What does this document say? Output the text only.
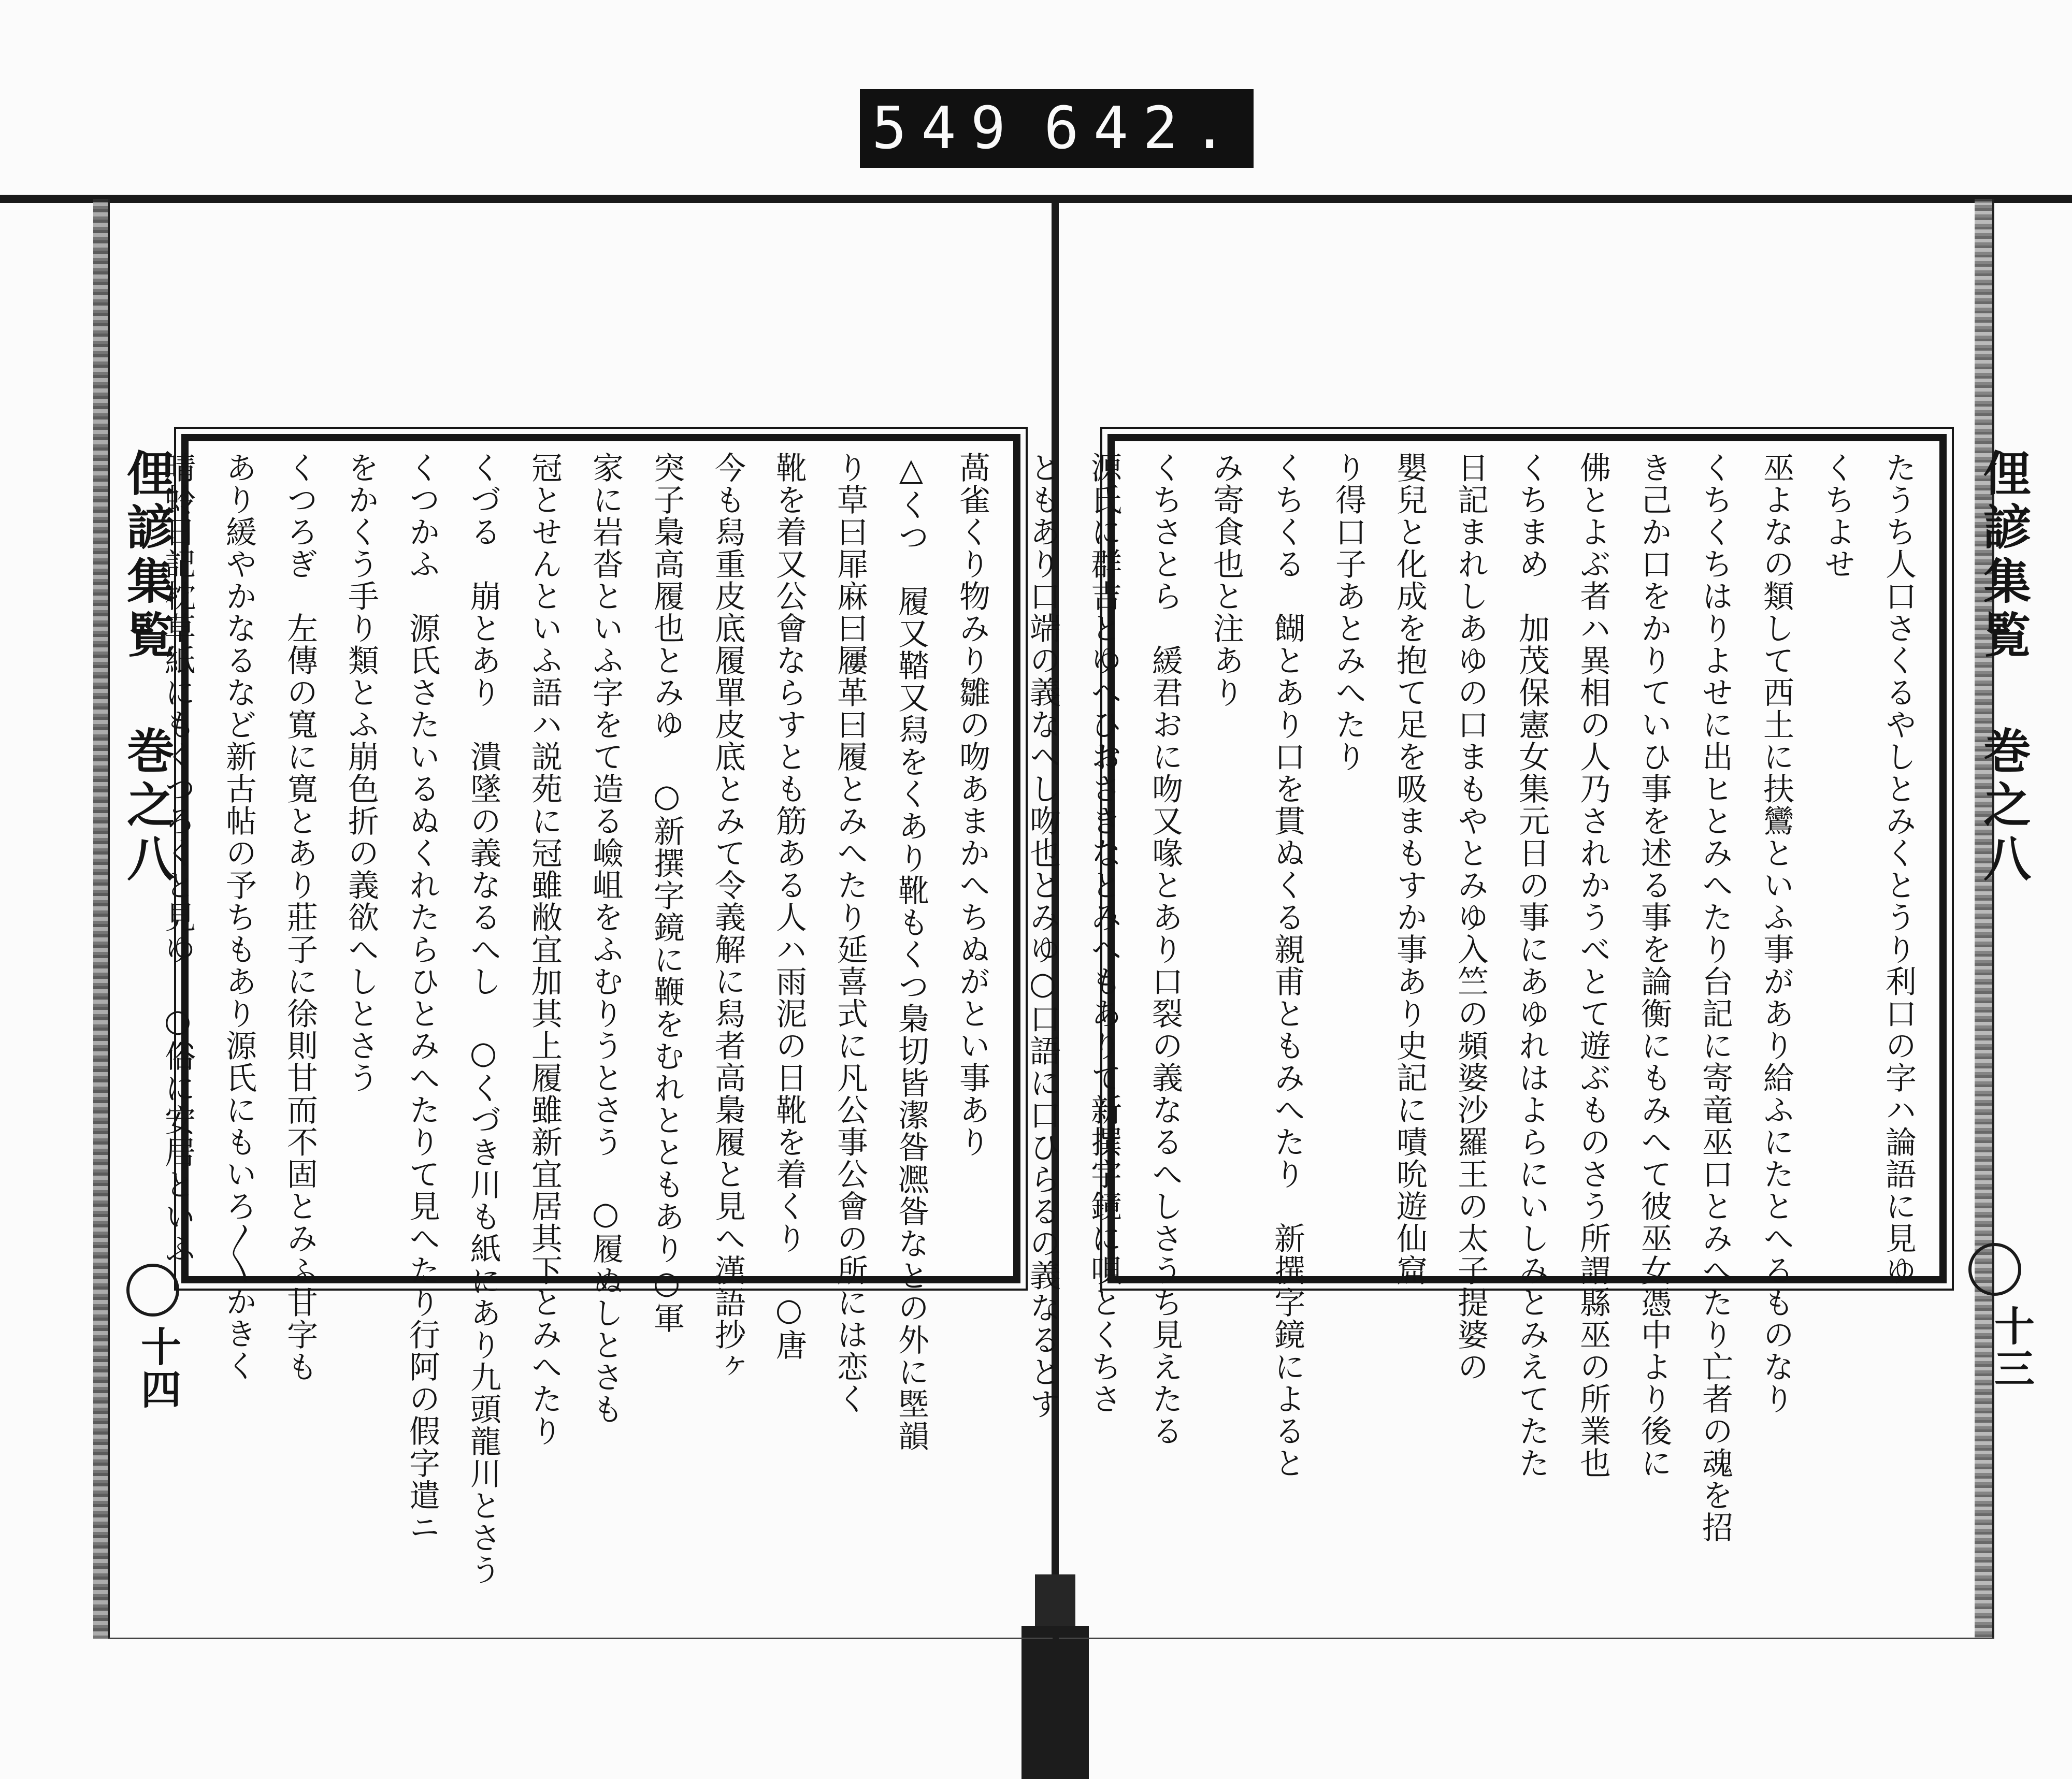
549 642.
俚諺集覧 巻之八
十四
俚諺集覧 巻之八
十三
萵雀くり物みり雛の吻あまかへちぬがとい事あり
△くつ　履又鞜又舄をくあり靴もくつ梟切皆潔昝凞昝なとの外に塈韻
り草曰屝麻曰屨革曰履とみへたり延喜式に凡公事公會の所には恋く
靴を着又公會ならすとも筋ある人ハ雨泥の日靴を着くり ○唐
今も舄重皮底履單皮底とみて令義解に舄者高梟履と見へ漢語抄ヶ
突子梟高履也とみゆ ○新撰字鏡に鞭をむれとともあり○軍
家に岩沓といふ字をて造る嶮岨をふむりうとさう ○履ぬしとさも
冠とせんといふ語ハ説苑に冠雖敝宜加其上履雖新宜居其下とみへたり
くづる　崩とあり　潰墜の義なるへし ○くづき川も紙にあり九頭龍川とさう
くつかふ　源氏さたいるぬくれたらひとみへたりて見へたり行阿の假字遣ニ
をかくう手り類とふ崩色折の義欲へしとさう
くつろぎ　左傳の寬に寛とあり莊子に徐則甘而不固とみふ甘字も
あり緩やかなるなど新古帖の予ちもあり源氏にもいろ〳〵かきく
晴蛉日記枕草紙にもくつろくと見ゆ ○俗に安居といふ	たうち人口さくるやしとみくとうり利口の字ハ論語に見ゆ
くちよせ
巫よなの類して西土に扶鸞といふ事があり給ふにたとへるものなり
くちくちはりよせに出ヒとみへたり台記に寄竜巫口とみへたり亡者の魂を招
き己か口をかりていひ事を述る事を論衡にもみへて彼巫女憑中より後に
佛とよぶ者ハ異相の人乃されかうべとて遊ぶものさう所謂縣巫の所業也
くちまめ　加茂保憲女集元日の事にあゆれはよらにいしみとみえてたた
日記まれしあゆの口まもやとみゆ入竺の頻婆沙羅王の太子提婆の
嬰兒と化成を抱て足を吸まもすか事あり史記に嘖吮遊仙窟
り得口子あとみへたり
くちくる　餬とあり口を貫ぬくる親甫ともみへたり　新撰字鏡によると
み寄食也と注あり
くちさとら　緩君おに吻又喙とあり口裂の義なるへしさうち見えたる
源氏に群吉とゆへひおさきなとみへもありて新撰字鏡に唄とくちさ
ともあり口端の義なへし吻也とみゆ○口語に口ひらるの義なるとす
